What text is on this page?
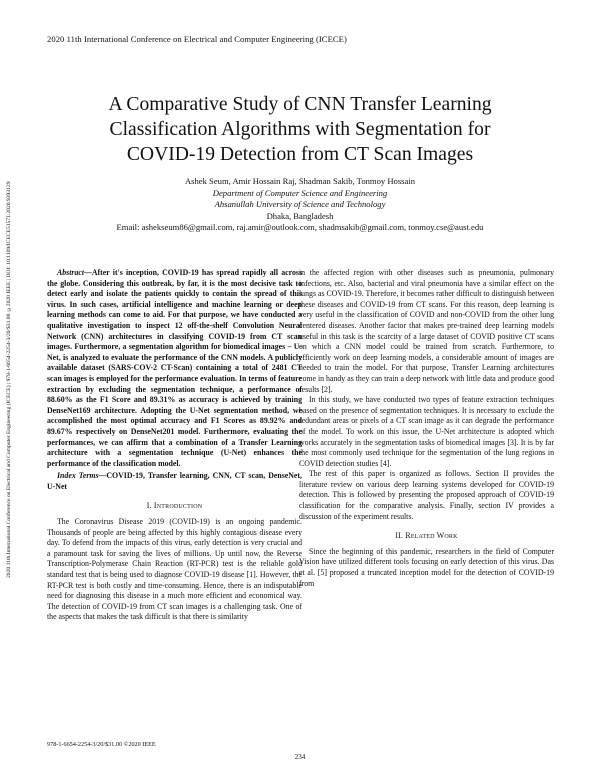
2020 11th International Conference on Electrical and Computer Engineering (ICECE)
2020 11th International Conference on Electrical and Computer Engineering (ICECE) | 978-1-6654-2254-3/20/$31.00 ©2020 IEEE | DOI: 10.1109/ICECE51571.2020.9393129
A Comparative Study of CNN Transfer Learning
Classification Algorithms with Segmentation for
COVID-19 Detection from CT Scan Images
Ashek Seum, Amir Hossain Raj, Shadman Sakib, Tonmoy Hossain
Department of Computer Science and Engineering
Ahsanullah University of Science and Technology
Dhaka, Bangladesh
Email: ashekseum86@gmail.com, raj.amir@outlook.com, shadmsakib@gmail.com, tonmoy.cse@aust.edu

Abstract—After it's inception, COVID-19 has spread rapidly all across the globe. Considering this outbreak, by far, it is the most decisive task to detect early and isolate the patients quickly to contain the spread of this virus. In such cases, artificial intelligence and machine learning or deep learning methods can come to aid. For that purpose, we have conducted a qualitative investigation to inspect 12 off-the-shelf Convolution Neural Network (CNN) architectures in classifying COVID-19 from CT scan images. Furthermore, a segmentation algorithm for biomedical images – U-Net, is analyzed to evaluate the performance of the CNN models. A publicly available dataset (SARS-COV-2 CT-Scan) containing a total of 2481 CT scan images is employed for the performance evaluation. In terms of feature extraction by excluding the segmentation technique, a performance of 88.60% as the F1 Score and 89.31% as accuracy is achieved by training DenseNet169 architecture. Adopting the U-Net segmentation method, we accomplished the most optimal accuracy and F1 Scores as 89.92% and 89.67% respectively on DenseNet201 model. Furthermore, evaluating the performances, we can affirm that a combination of a Transfer Learning architecture with a segmentation technique (U-Net) enhances the performance of the classification model.

Index Terms—COVID-19, Transfer learning, CNN, CT scan, DenseNet, U-Net

I. Introduction

The Coronavirus Disease 2019 (COVID-19) is an ongoing pandemic. Thousands of people are being affected by this highly contagious disease every day. To defend from the impacts of this virus, early detection is very crucial and a paramount task for saving the lives of millions. Up until now, the Reverse Transcription-Polymerase Chain Reaction (RT-PCR) test is the reliable gold standard test that is being used to diagnose COVID-19 disease [1]. However, the RT-PCR test is both costly and time-consuming. Hence, there is an indisputable need for diagnosing this disease in a much more efficient and economical way. The detection of COVID-19 from CT scan images is a challenging task. One of the aspects that makes the task difficult is that there is similarity

in the affected region with other diseases such as pneumonia, pulmonary infections, etc. Also, bacterial and viral pneumonia have a similar effect on the lungs as COVID-19. Therefore, it becomes rather difficult to distinguish between these diseases and COVID-19 from CT scans. For this reason, deep learning is very useful in the classification of COVID and non-COVID from the other lung centered diseases. Another factor that makes pre-trained deep learning models useful in this task is the scarcity of a large dataset of COVID positive CT scans on which a CNN model could be trained from scratch. Furthermore, to efficiently work on deep learning models, a considerable amount of images are needed to train the model. For that purpose, Transfer Learning architectures come in handy as they can train a deep network with little data and produce good results [2].

In this study, we have conducted two types of feature extraction techniques based on the presence of segmentation techniques. It is necessary to exclude the redundant areas or pixels of a CT scan image as it can degrade the performance of the model. To work on this issue, the U-Net architecture is adopted which works accurately in the segmentation tasks of biomedical images [3]. It is by far the most commonly used technique for the segmentation of the lung regions in COVID detection studies [4].

The rest of this paper is organized as follows. Section II provides the literature review on various deep learning systems developed for COVID-19 detection. This is followed by presenting the proposed approach of COVID-19 classification for the comparative analysis. Finally, section IV provides a discussion of the experiment results.

II. Related Work

Since the beginning of this pandemic, researchers in the field of Computer Vision have utilized different tools focusing on early detection of this virus. Das et al. [5] proposed a truncated inception model for the detection of COVID-19 from

978-1-6654-2254-3/20/$31.00 ©2020 IEEE
234
